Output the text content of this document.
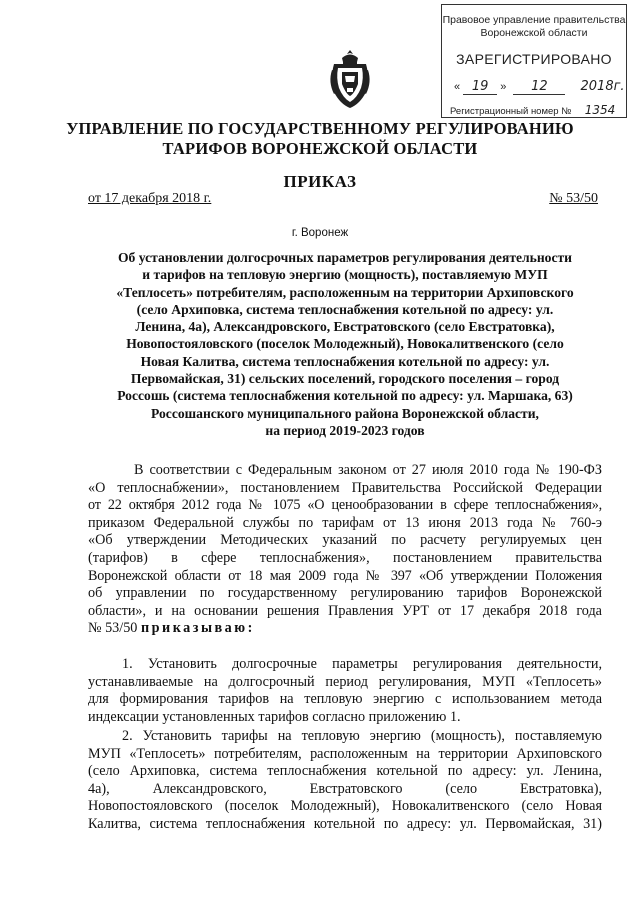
Правовое управление правительства
Воронежской области
ЗАРЕГИСТРИРОВАНО
« 19 » 12	2018г.
Регистрационный номер № 1354
УПРАВЛЕНИЕ ПО ГОСУДАРСТВЕННОМУ РЕГУЛИРОВАНИЮ
ТАРИФОВ ВОРОНЕЖСКОЙ ОБЛАСТИ
ПРИКАЗ
от 17 декабря 2018 г.	№ 53/50
г. Воронеж
Об установлении долгосрочных параметров регулирования деятельности
и тарифов на тепловую энергию (мощность), поставляемую МУП
«Теплосеть» потребителям, расположенным на территории Архиповского
(село Архиповка, система теплоснабжения котельной по адресу: ул.
Ленина, 4а), Александровского, Евстратовского (село Евстратовка),
Новопостояловского (поселок Молодежный), Новокалитвенского (село
Новая Калитва, система теплоснабжения котельной по адресу: ул.
Первомайская, 31) сельских поселений, городского поселения – город
Россошь (система теплоснабжения котельной по адресу: ул. Маршака, 63)
Россошанского муниципального района Воронежской области,
на период 2019-2023 годов
В соответствии с Федеральным законом от 27 июля 2010 года № 190-ФЗ
«О теплоснабжении», постановлением Правительства Российской Федерации
от 22 октября 2012 года № 1075 «О ценообразовании в сфере теплоснабжения»,
приказом Федеральной службы по тарифам от 13 июня 2013 года № 760-э
«Об утверждении Методических указаний по расчету регулируемых цен
(тарифов) в сфере теплоснабжения», постановлением правительства
Воронежской области от 18 мая 2009 года № 397 «Об утверждении Положения
об управлении по государственному регулированию тарифов Воронежской
области», и на основании решения Правления УРТ от 17 декабря 2018 года
№ 53/50 приказываю:
1. Установить долгосрочные параметры регулирования деятельности,
устанавливаемые на долгосрочный период регулирования, МУП «Теплосеть»
для формирования тарифов на тепловую энергию с использованием метода
индексации установленных тарифов согласно приложению 1.
2. Установить тарифы на тепловую энергию (мощность), поставляемую
МУП «Теплосеть» потребителям, расположенным на территории Архиповского
(село Архиповка, система теплоснабжения котельной по адресу: ул. Ленина,
4а), Александровского, Евстратовского (село Евстратовка),
Новопостояловского (поселок Молодежный), Новокалитвенского (село Новая
Калитва, система теплоснабжения котельной по адресу: ул. Первомайская, 31)
